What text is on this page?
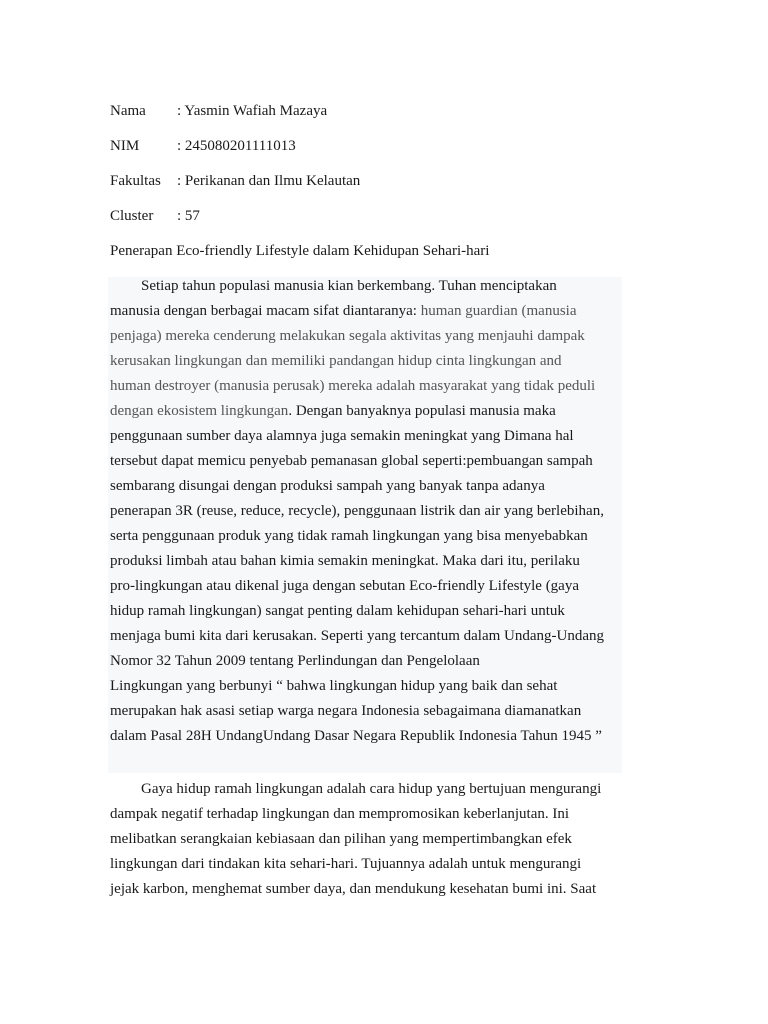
Nama : Yasmin Wafiah Mazaya
NIM	: 245080201111013
Fakultas : Perikanan dan Ilmu Kelautan
Cluster : 57
Penerapan Eco-friendly Lifestyle dalam Kehidupan Sehari-hari
Setiap tahun populasi manusia kian berkembang. Tuhan menciptakan
manusia dengan berbagai macam sifat diantaranya: human guardian (manusia
penjaga) mereka cenderung melakukan segala aktivitas yang menjauhi dampak
kerusakan lingkungan dan memiliki pandangan hidup cinta lingkungan and
human destroyer (manusia perusak) mereka adalah masyarakat yang tidak peduli
dengan ekosistem lingkungan. Dengan banyaknya populasi manusia maka
penggunaan sumber daya alamnya juga semakin meningkat yang Dimana hal
tersebut dapat memicu penyebab pemanasan global seperti:pembuangan sampah
sembarang disungai dengan produksi sampah yang banyak tanpa adanya
penerapan 3R (reuse, reduce, recycle), penggunaan listrik dan air yang berlebihan,
serta penggunaan produk yang tidak ramah lingkungan yang bisa menyebabkan
produksi limbah atau bahan kimia semakin meningkat. Maka dari itu, perilaku
pro-lingkungan atau dikenal juga dengan sebutan Eco-friendly Lifestyle (gaya
hidup ramah lingkungan) sangat penting dalam kehidupan sehari-hari untuk
menjaga bumi kita dari kerusakan. Seperti yang tercantum dalam Undang-Undang
Nomor 32 Tahun 2009 tentang Perlindungan dan Pengelolaan
Lingkungan yang berbunyi “ bahwa lingkungan hidup yang baik dan sehat
merupakan hak asasi setiap warga negara Indonesia sebagaimana diamanatkan
dalam Pasal 28H UndangUndang Dasar Negara Republik Indonesia Tahun 1945 ”
Gaya hidup ramah lingkungan adalah cara hidup yang bertujuan mengurangi
dampak negatif terhadap lingkungan dan mempromosikan keberlanjutan. Ini
melibatkan serangkaian kebiasaan dan pilihan yang mempertimbangkan efek
lingkungan dari tindakan kita sehari-hari. Tujuannya adalah untuk mengurangi
jejak karbon, menghemat sumber daya, dan mendukung kesehatan bumi ini. Saat
